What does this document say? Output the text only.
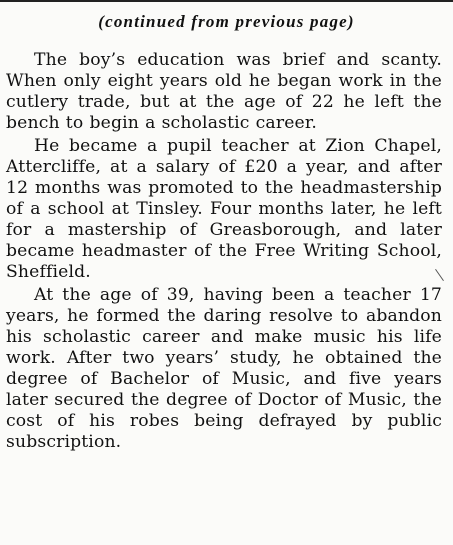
(continued from previous page)

The boy’s education was brief and scanty. When only eight years old he began work in the cutlery trade, but at the age of 22 he left the bench to begin a scholastic career.

He became a pupil teacher at Zion Chapel, Attercliffe, at a salary of £20 a year, and after 12 months was promoted to the headmastership of a school at Tinsley. Four months later, he left for a mastership of Greasborough, and later became headmaster of the Free Writing School, Sheffield.

At the age of 39, having been a teacher 17 years, he formed the daring resolve to abandon his scholastic career and make music his life work. After two years’ study, he obtained the degree of Bachelor of Music, and five years later secured the degree of Doctor of Music, the cost of his robes being defrayed by public subscription.
